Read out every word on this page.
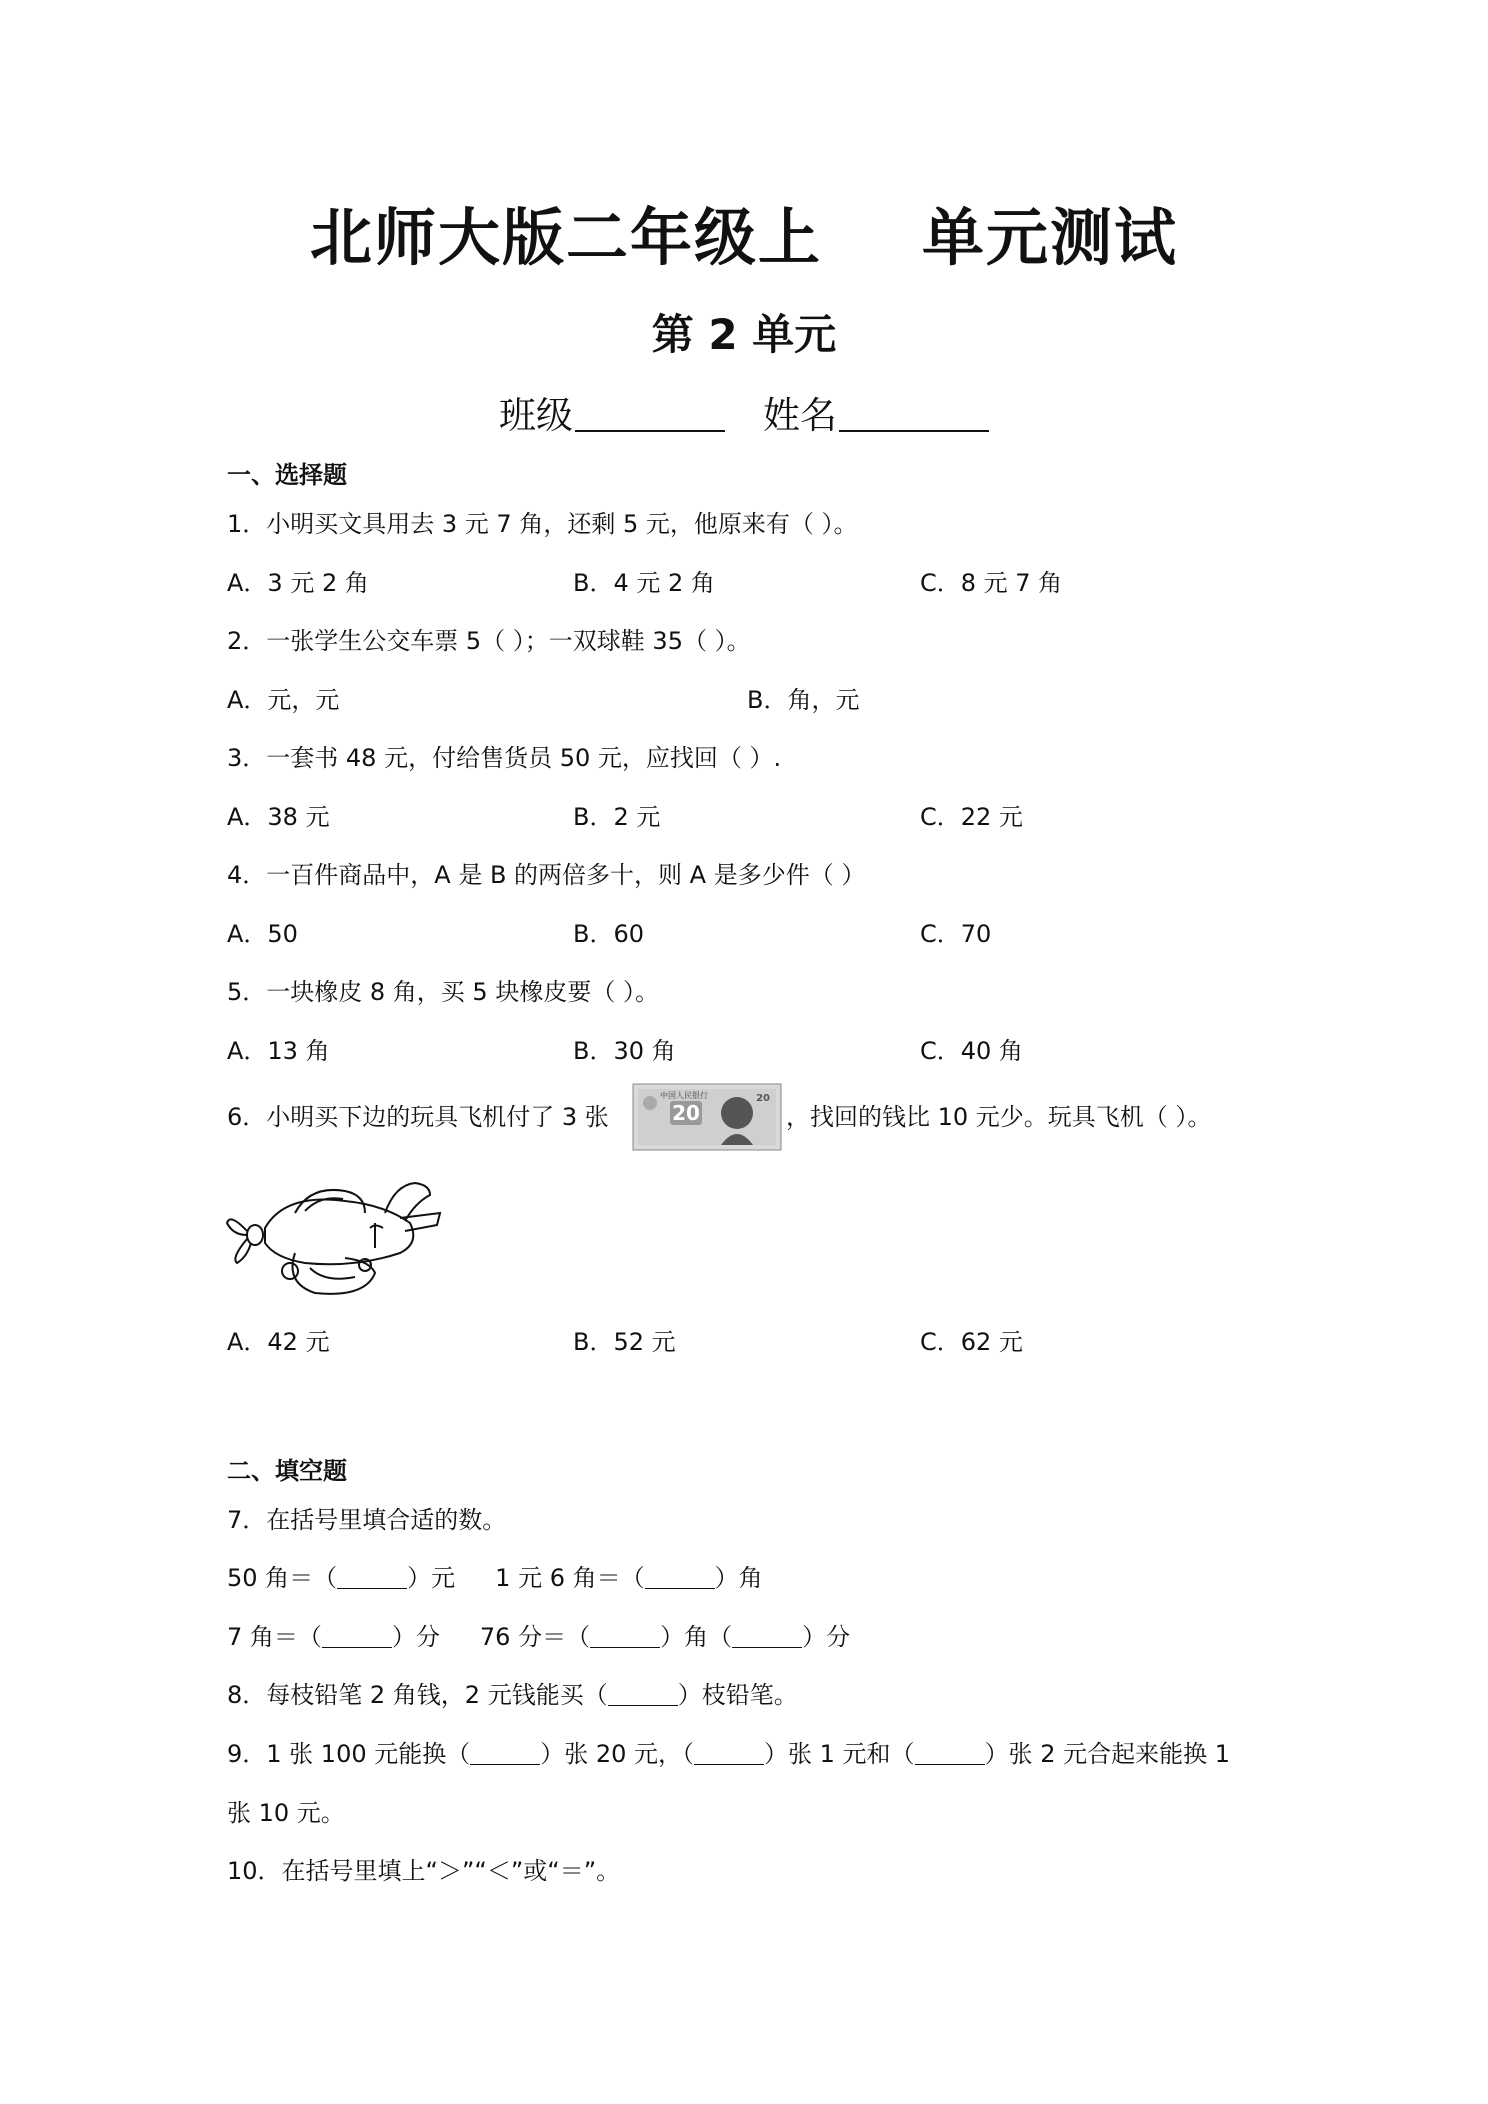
北师大版二年级上 单元测试
第 2 单元
班级	姓名
一、选择题
1．小明买文具用去 3 元 7 角，还剩 5 元，他原来有（ ）。
A．3 元 2 角	B．4 元 2 角	C．8 元 7 角
2．一张学生公交车票 5（ ）；一双球鞋 35（ ）。
A．元，元	B．角，元
3．一套书 48 元，付给售货员 50 元，应找回（ ）.
A．38 元	B．2 元	C．22 元
4．一百件商品中，A 是 B 的两倍多十，则 A 是多少件（ ）
A．50	B．60	C．70
5．一块橡皮 8 角，买 5 块橡皮要（ ）。
A．13 角	B．30 角	C．40 角
6．小明买下边的玩具飞机付了 3 张
中国人民银行
20
20
，找回的钱比 10 元少。玩具飞机（ ）。
A．42 元	B．52 元	C．62 元
二、填空题
7．在括号里填合适的数。
50 角＝（	）元 1 元 6 角＝（	）角
7 角＝（	）分 76 分＝（	）角（	）分
8．每枝铅笔 2 角钱，2 元钱能买（	）枝铅笔。
9．1 张 100 元能换（	）张 20 元，（	）张 1 元和（	）张 2 元合起来能换 1
张 10 元。
10．在括号里填上“＞”“＜”或“＝”。
